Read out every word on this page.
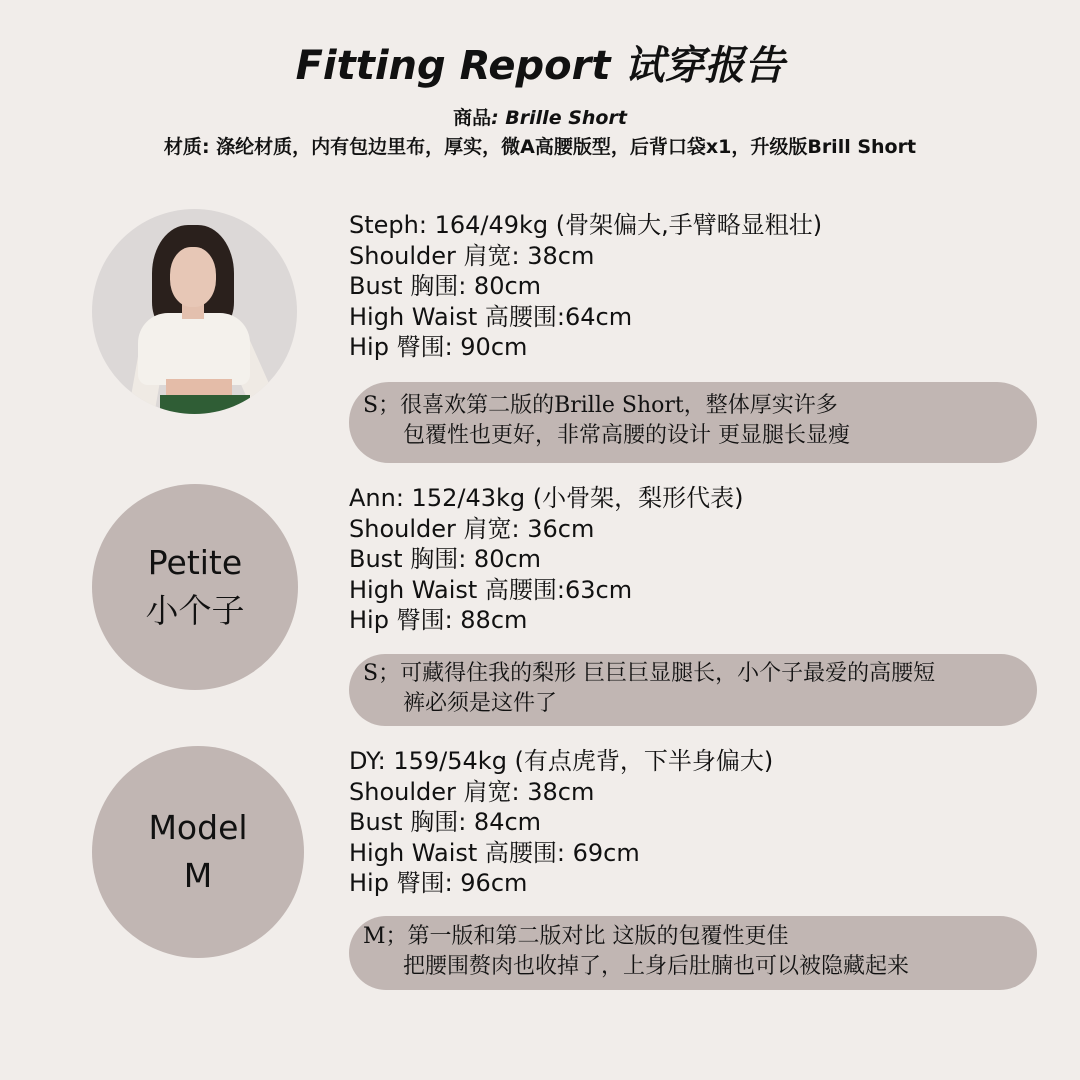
Fitting Report 试穿报告
商品: Brille Short
材质: 涤纶材质，内有包边里布，厚实，微A高腰版型，后背口袋x1，升级版Brill Short
Steph: 164/49kg (骨架偏大,手臂略显粗壮)
Shoulder 肩宽: 38cm
Bust 胸围: 80cm
High Waist 高腰围:64cm
Hip 臀围: 90cm
S；很喜欢第二版的Brille Short，整体厚实许多
包覆性也更好，非常高腰的设计 更显腿长显瘦
Petite
小个子
Ann: 152/43kg (小骨架，梨形代表)
Shoulder 肩宽: 36cm
Bust 胸围: 80cm
High Waist 高腰围:63cm
Hip 臀围: 88cm
S；可藏得住我的梨形 巨巨巨显腿长，小个子最爱的高腰短
裤必须是这件了
Model
M
DY: 159/54kg (有点虎背，下半身偏大)
Shoulder 肩宽: 38cm
Bust 胸围: 84cm
High Waist 高腰围: 69cm
Hip 臀围: 96cm
M；第一版和第二版对比 这版的包覆性更佳
把腰围赘肉也收掉了，上身后肚腩也可以被隐藏起来
